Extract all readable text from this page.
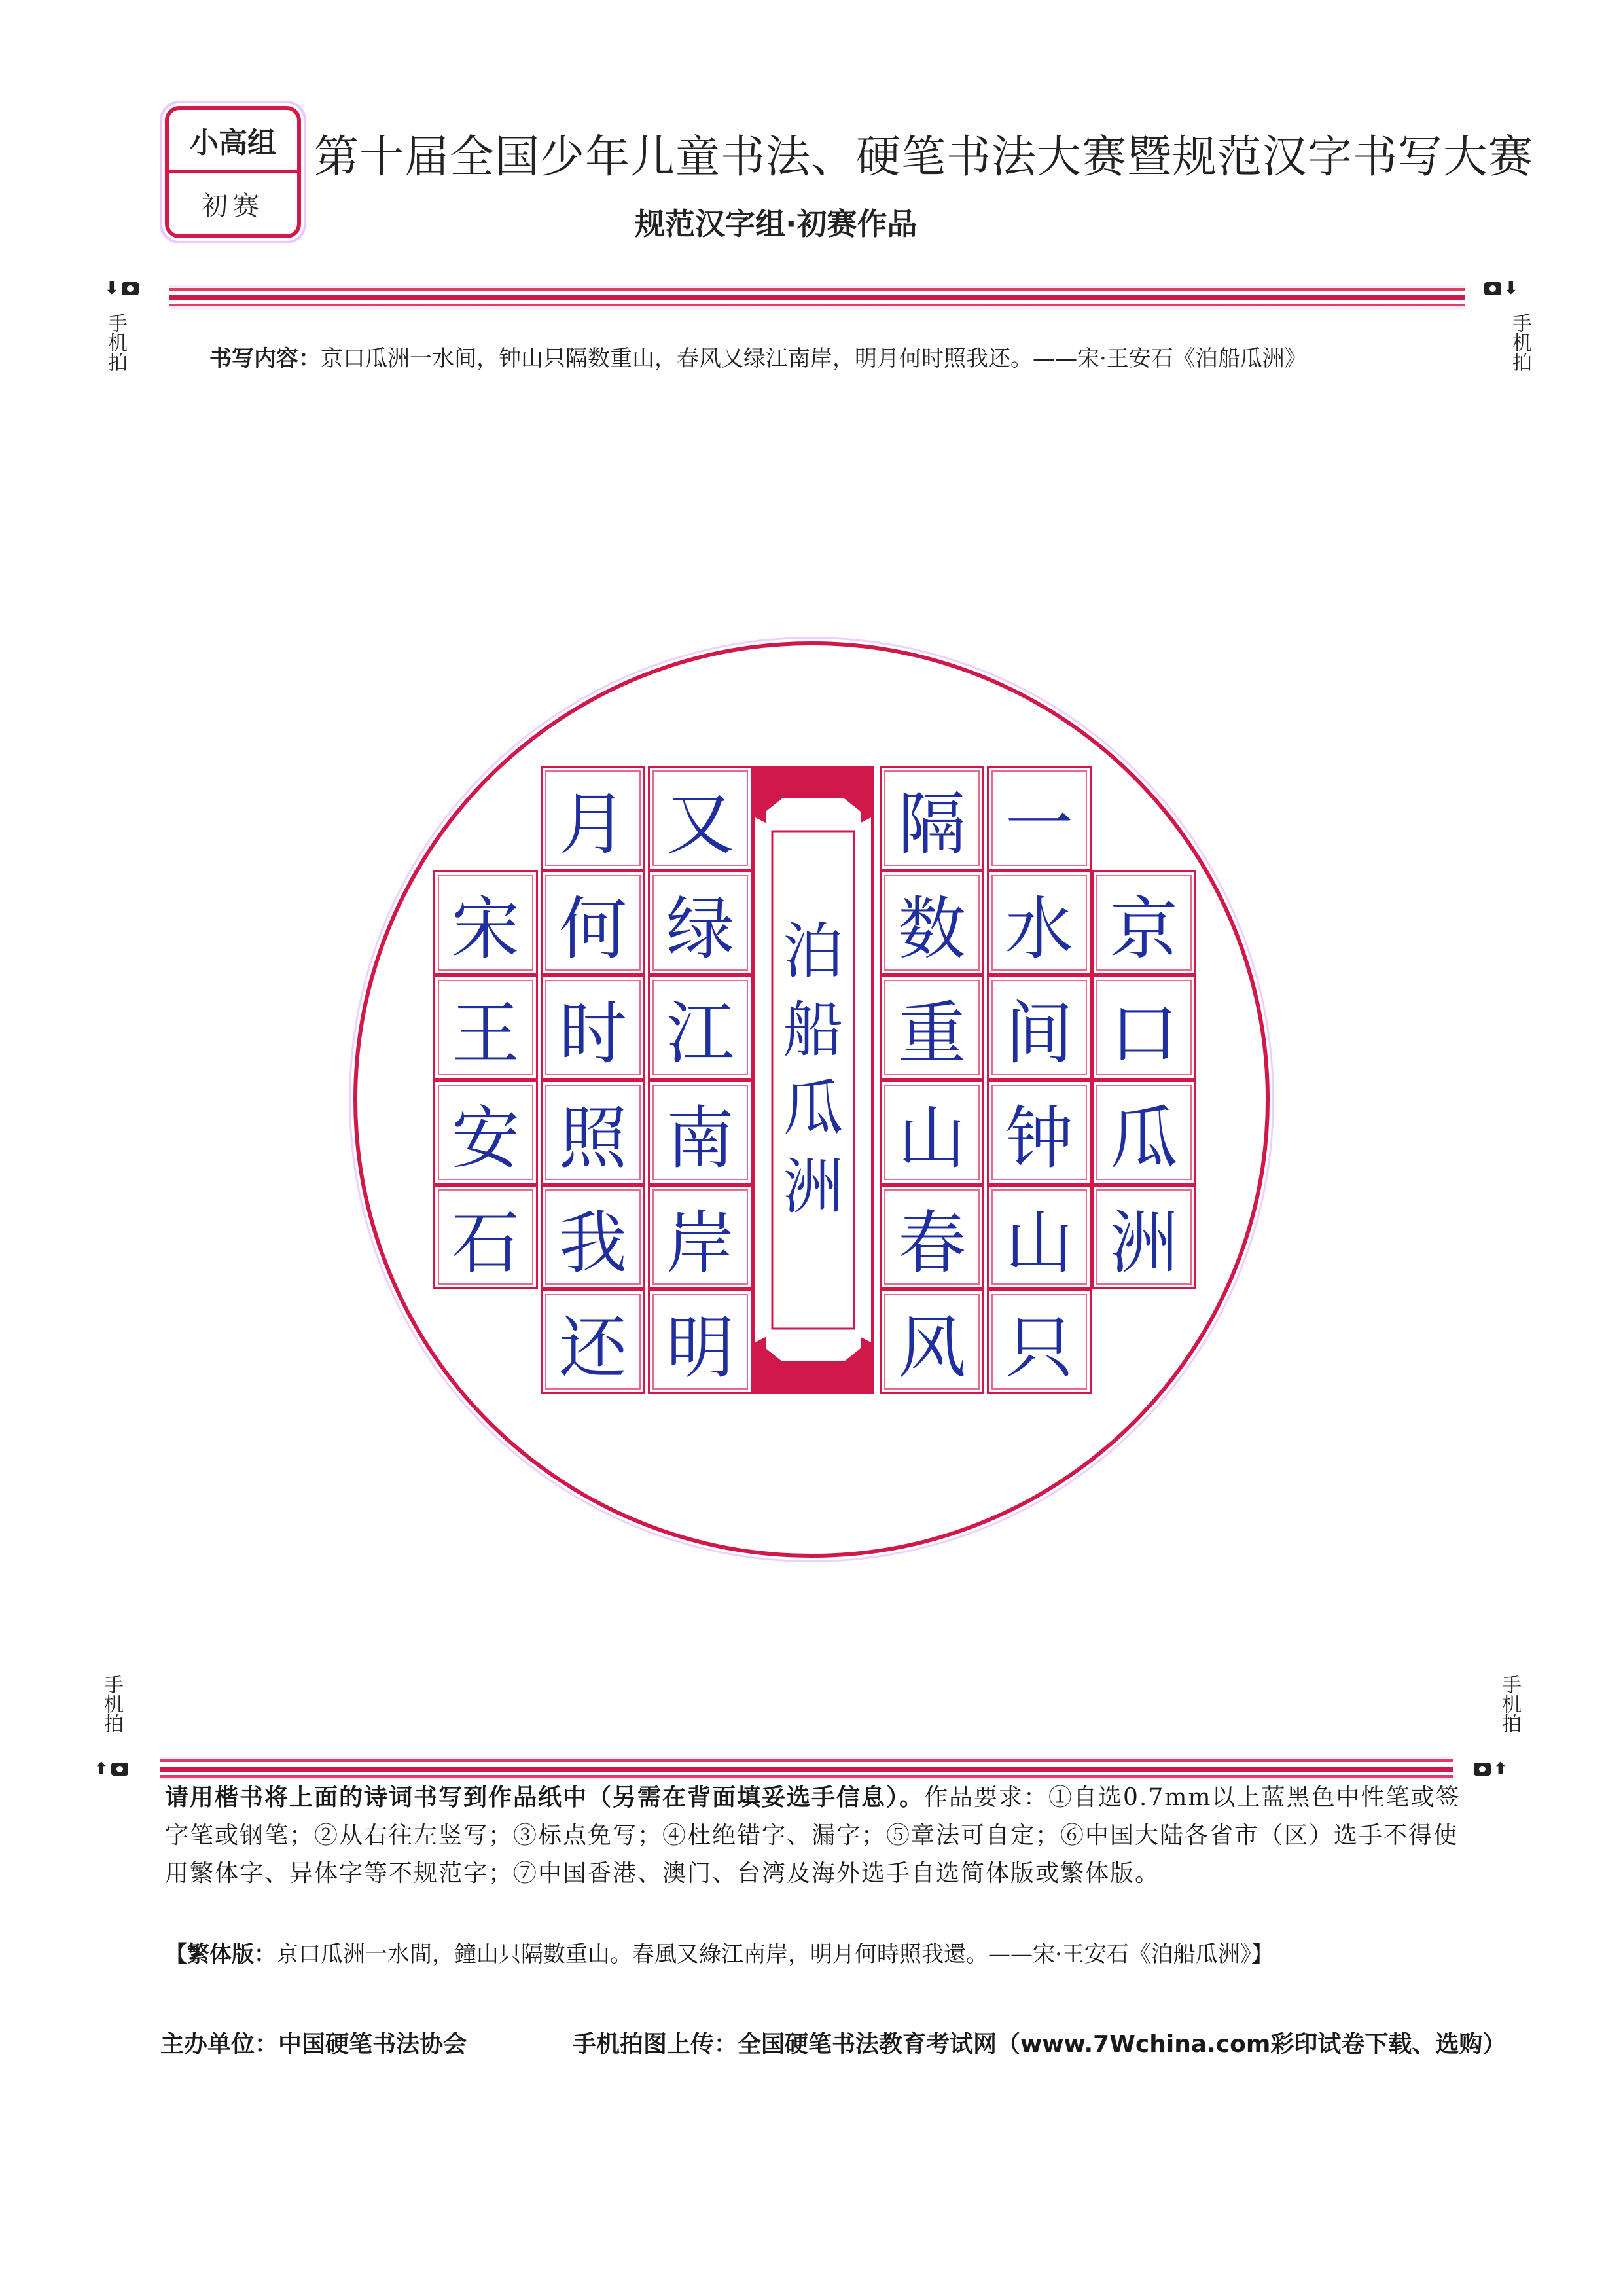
小高组
初赛
第十届全国少年儿童书法、硬笔书法大赛暨规范汉字书写大赛
规范汉字组·初赛作品
⬇
手机拍
⬇
手机拍
书写内容：京口瓜洲一水间，钟山只隔数重山，春风又绿江南岸，明月何时照我还。——宋·王安石《泊船瓜洲》
京
口
瓜
洲
一
水
间
钟
山
只
隔
数
重
山
春
风
又
绿
江
南
岸
明
月
何
时
照
我
还
宋
王
安
石
泊
船
瓜
洲
手机拍
⬆
手机拍
⬆
请用楷书将上面的诗词书写到作品纸中（另需在背面填妥选手信息）。作品要求：①自选0.7mm以上蓝黑色中性笔或签字笔或钢笔；②从右往左竖写；③标点免写；④杜绝错字、漏字；⑤章法可自定；⑥中国大陆各省市（区）选手不得使用繁体字、异体字等不规范字；⑦中国香港、澳门、台湾及海外选手自选简体版或繁体版。
【繁体版：京口瓜洲一水間，鐘山只隔數重山。春風又綠江南岸，明月何時照我還。——宋·王安石《泊船瓜洲》】
主办单位：中国硬笔书法协会	手机拍图上传：全国硬笔书法教育考试网（www.7Wchina.com彩印试卷下载、选购）
